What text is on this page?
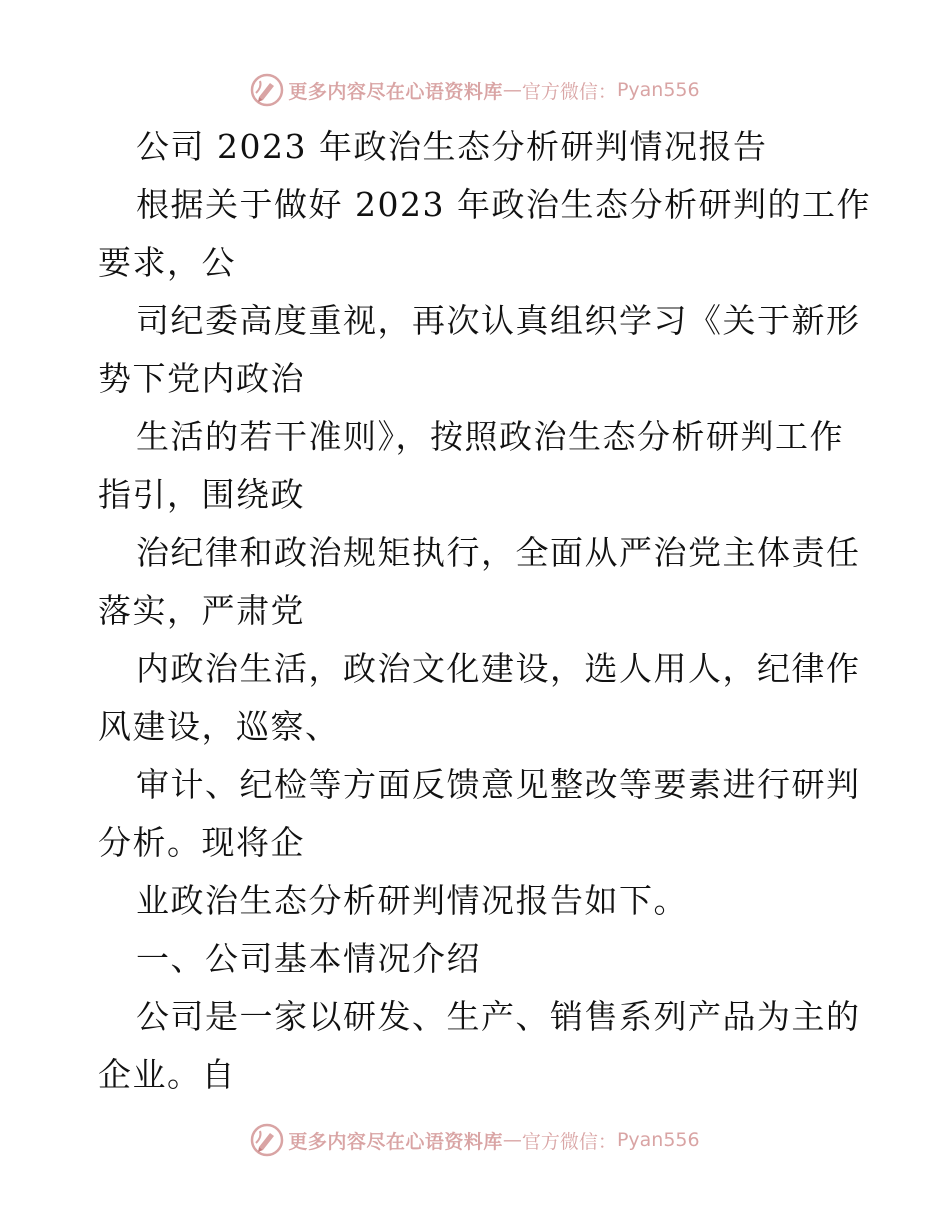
更多内容尽在心语资料库 — 官方微信： Pyan556
公司 2023 年政治生态分析研判情况报告
根据关于做好 2023 年政治生态分析研判的工作
要求，公
司纪委高度重视，再次认真组织学习《关于新形
势下党内政治
生活的若干准则》，按照政治生态分析研判工作
指引，围绕政
治纪律和政治规矩执行，全面从严治党主体责任
落实，严肃党
内政治生活，政治文化建设，选人用人，纪律作
风建设，巡察、
审计、纪检等方面反馈意见整改等要素进行研判
分析。现将企
业政治生态分析研判情况报告如下。
一、公司基本情况介绍
公司是一家以研发、生产、销售系列产品为主的
企业。自
更多内容尽在心语资料库 — 官方微信： Pyan556
